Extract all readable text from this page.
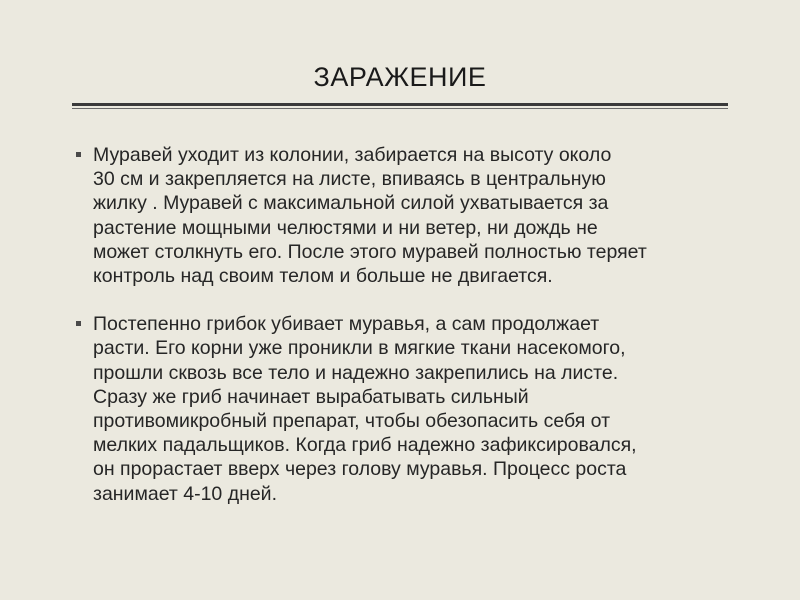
ЗАРАЖЕНИЕ
Муравей уходит из колонии, забирается на высоту около
30 см и закрепляется на листе, впиваясь в центральную
жилку . Муравей с максимальной силой ухватывается за
растение мощными челюстями и ни ветер, ни дождь не
может столкнуть его. После этого муравей полностью теряет
контроль над своим телом и больше не двигается.
Постепенно грибок убивает муравья, а сам продолжает
расти. Его корни уже проникли в мягкие ткани насекомого,
прошли сквозь все тело и надежно закрепились на листе.
Сразу же гриб начинает вырабатывать сильный
противомикробный препарат, чтобы обезопасить себя от
мелких падальщиков. Когда гриб надежно зафиксировался,
он прорастает вверх через голову муравья. Процесс роста
занимает 4-10 дней.
